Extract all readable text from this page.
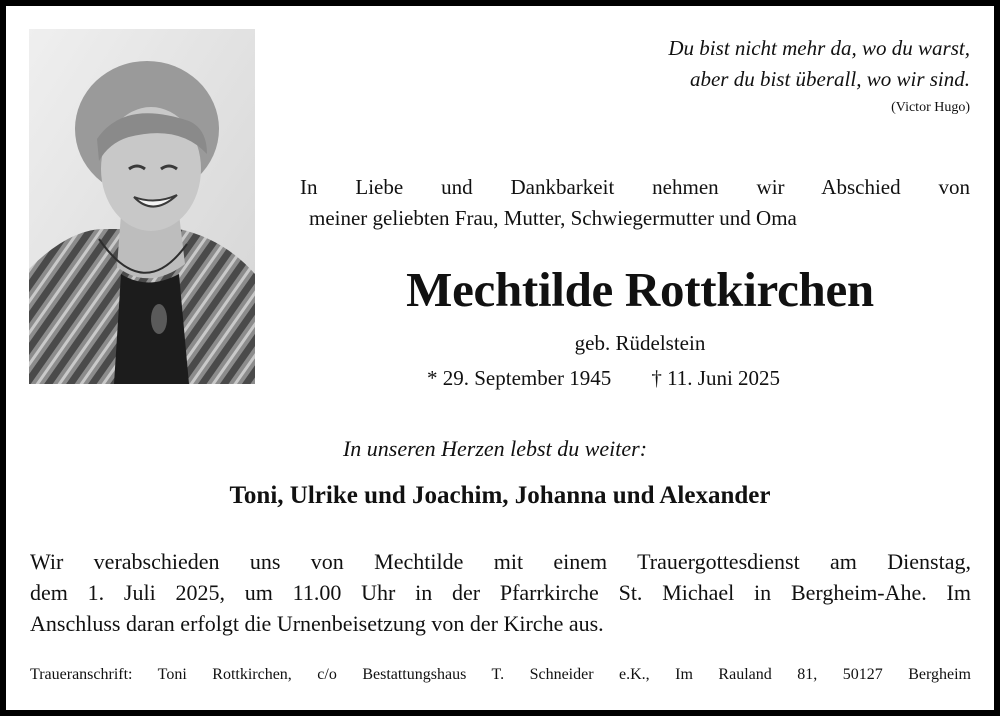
Du bist nicht mehr da, wo du warst,
aber du bist überall, wo wir sind.
(Victor Hugo)
In Liebe und Dankbarkeit nehmen wir Abschied von
meiner geliebten Frau, Mutter, Schwiegermutter und Oma
Mechtilde Rottkirchen
geb. Rüdelstein
* 29. September 1945 † 11. Juni 2025
In unseren Herzen lebst du weiter:
Toni, Ulrike und Joachim, Johanna und Alexander
Wir verabschieden uns von Mechtilde mit einem Trauergottesdienst am Dienstag,
dem 1. Juli 2025, um 11.00 Uhr in der Pfarrkirche St. Michael in Bergheim-Ahe. Im
Anschluss daran erfolgt die Urnenbeisetzung von der Kirche aus.
Traueranschrift: Toni Rottkirchen, c/o Bestattungshaus T. Schneider e.K., Im Rauland 81, 50127 Bergheim
